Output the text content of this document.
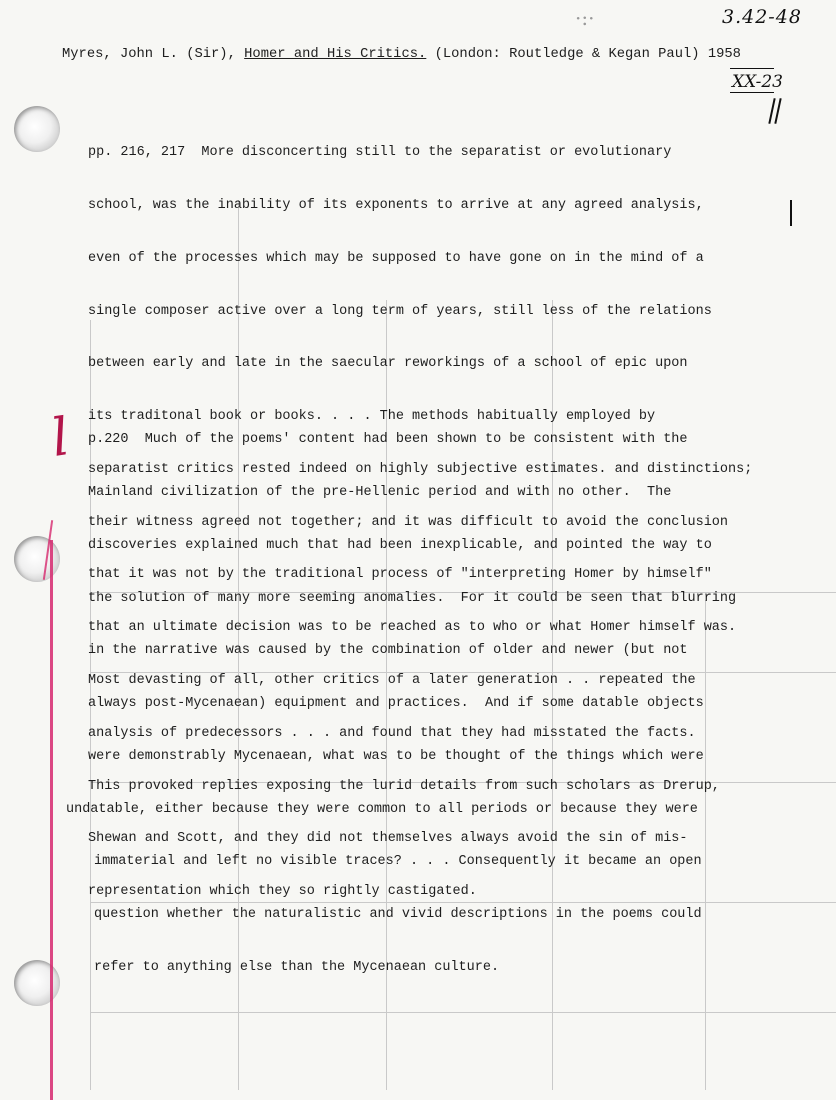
·:·	3.42-48
XX-23
l
Myres, John L. (Sir), Homer and His Critics. (London: Routledge & Kegan Paul) 1958

pp. 216, 217  More disconcerting still to the separatist or evolutionary

school, was the inability of its exponents to arrive at any agreed analysis,

even of the processes which may be supposed to have gone on in the mind of a

single composer active over a long term of years, still less of the relations

between early and late in the saecular reworkings of a school of epic upon

its traditonal book or books. . . . The methods habitually employed by

separatist critics rested indeed on highly subjective estimates. and distinctions;

their witness agreed not together; and it was difficult to avoid the conclusion

that it was not by the traditional process of "interpreting Homer by himself"

that an ultimate decision was to be reached as to who or what Homer himself was.

Most devasting of all, other critics of a later generation . . repeated the

analysis of predecessors . . . and found that they had misstated the facts.

This provoked replies exposing the lurid details from such scholars as Drerup,

Shewan and Scott, and they did not themselves always avoid the sin of mis-

representation which they so rightly castigated.

p.220  Much of the poems' content had been shown to be consistent with the

Mainland civilization of the pre-Hellenic period and with no other.  The

discoveries explained much that had been inexplicable, and pointed the way to

the solution of many more seeming anomalies.  For it could be seen that blurring

in the narrative was caused by the combination of older and newer (but not

always post-Mycenaean) equipment and practices.  And if some datable objects

were demonstrably Mycenaean, what was to be thought of the things which were

undatable, either because they were common to all periods or because they were

immaterial and left no visible traces? . . . Consequently it became an open

question whether the naturalistic and vivid descriptions in the poems could

refer to anything else than the Mycenaean culture.
